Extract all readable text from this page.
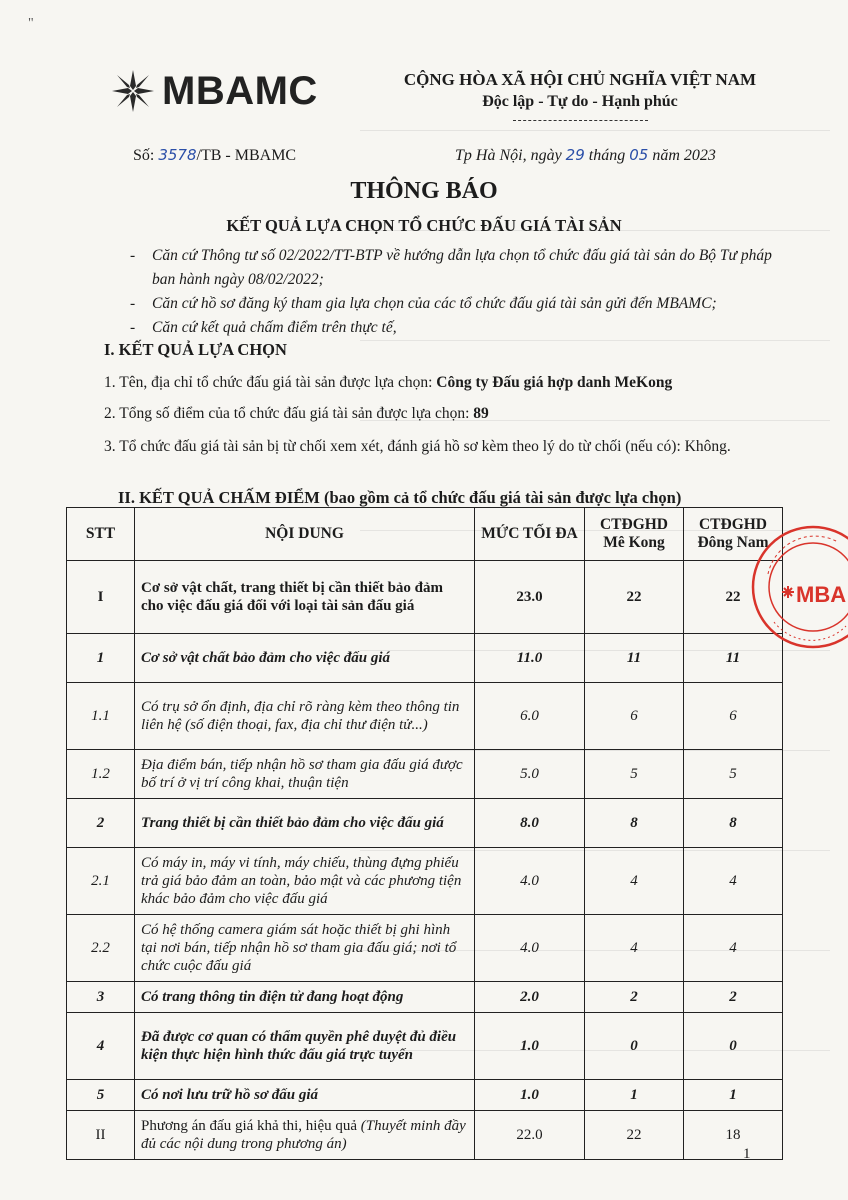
"
MBAMC	CỘNG HÒA XÃ HỘI CHỦ NGHĨA VIỆT NAM
Độc lập - Tự do - Hạnh phúc
Số: 3578/TB - MBAMC	Tp Hà Nội, ngày 29 tháng 05 năm 2023
THÔNG BÁO
KẾT QUẢ LỰA CHỌN TỔ CHỨC ĐẤU GIÁ TÀI SẢN
- Căn cứ Thông tư số 02/2022/TT-BTP về hướng dẫn lựa chọn tổ chức đấu giá tài sản do Bộ Tư pháp ban hành ngày 08/02/2022;
- Căn cứ hồ sơ đăng ký tham gia lựa chọn của các tổ chức đấu giá tài sản gửi đến MBAMC;
- Căn cứ kết quả chấm điểm trên thực tế,
I. KẾT QUẢ LỰA CHỌN
1. Tên, địa chỉ tổ chức đấu giá tài sản được lựa chọn: Công ty Đấu giá hợp danh MeKong
2. Tổng số điểm của tổ chức đấu giá tài sản được lựa chọn: 89
3. Tổ chức đấu giá tài sản bị từ chối xem xét, đánh giá hồ sơ kèm theo lý do từ chối (nếu có): Không.
II. KẾT QUẢ CHẤM ĐIỂM (bao gồm cả tổ chức đấu giá tài sản được lựa chọn)
STT	NỘI DUNG	MỨC TỐI ĐA	CTĐGHD Mê Kong	CTĐGHD Đông Nam
I	Cơ sở vật chất, trang thiết bị cần thiết bảo đảm cho việc đấu giá đối với loại tài sản đấu giá	23.0	22	22
1	Cơ sở vật chất bảo đảm cho việc đấu giá	11.0	11	11
1.1	Có trụ sở ổn định, địa chỉ rõ ràng kèm theo thông tin liên hệ (số điện thoại, fax, địa chỉ thư điện tử...)	6.0	6	6
1.2	Địa điểm bán, tiếp nhận hồ sơ tham gia đấu giá được bố trí ở vị trí công khai, thuận tiện	5.0	5	5
2	Trang thiết bị cần thiết bảo đảm cho việc đấu giá	8.0	8	8
2.1	Có máy in, máy vi tính, máy chiếu, thùng đựng phiếu trả giá bảo đảm an toàn, bảo mật và các phương tiện khác bảo đảm cho việc đấu giá	4.0	4	4
2.2	Có hệ thống camera giám sát hoặc thiết bị ghi hình tại nơi bán, tiếp nhận hồ sơ tham gia đấu giá; nơi tổ chức cuộc đấu giá	4.0	4	4
3	Có trang thông tin điện tử đang hoạt động	2.0	2	2
4	Đã được cơ quan có thẩm quyền phê duyệt đủ điều kiện thực hiện hình thức đấu giá trực tuyến	1.0	0	0
5	Có nơi lưu trữ hồ sơ đấu giá	1.0	1	1
II	Phương án đấu giá khả thi, hiệu quả (Thuyết minh đầy đủ các nội dung trong phương án)	22.0	22	18
MBA
1
